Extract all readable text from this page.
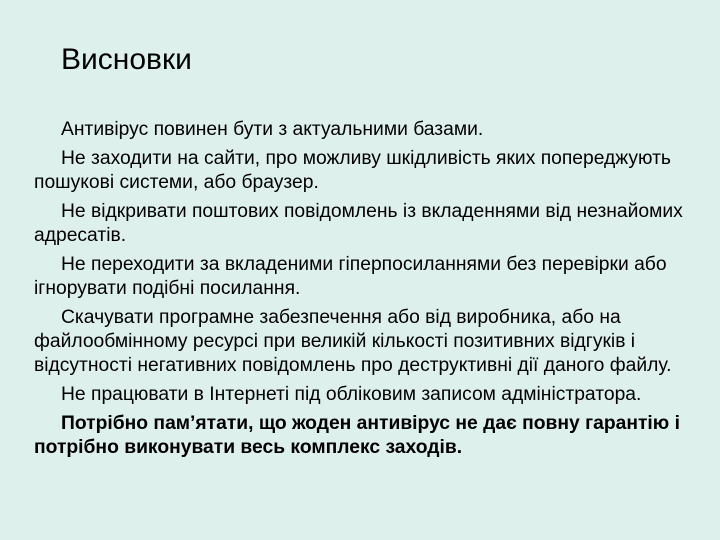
Висновки

Антивірус повинен бути з актуальними базами.

Не заходити на сайти, про можливу шкідливість яких попереджують пошукові системи, або браузер.

Не відкривати поштових повідомлень із вкладеннями від незнайомих адресатів.

Не переходити за вкладеними гіперпосиланнями без перевірки або ігнорувати подібні посилання.

Скачувати програмне забезпечення або від виробника, або на файлообмінному ресурсі при великій кількості позитивних відгуків і відсутності негативних повідомлень про деструктивні дії даного файлу.

Не працювати в Інтернеті під обліковим записом адміністратора.

Потрібно пам’ятати, що жоден антивірус не дає повну гарантію і потрібно виконувати весь комплекс заходів.
